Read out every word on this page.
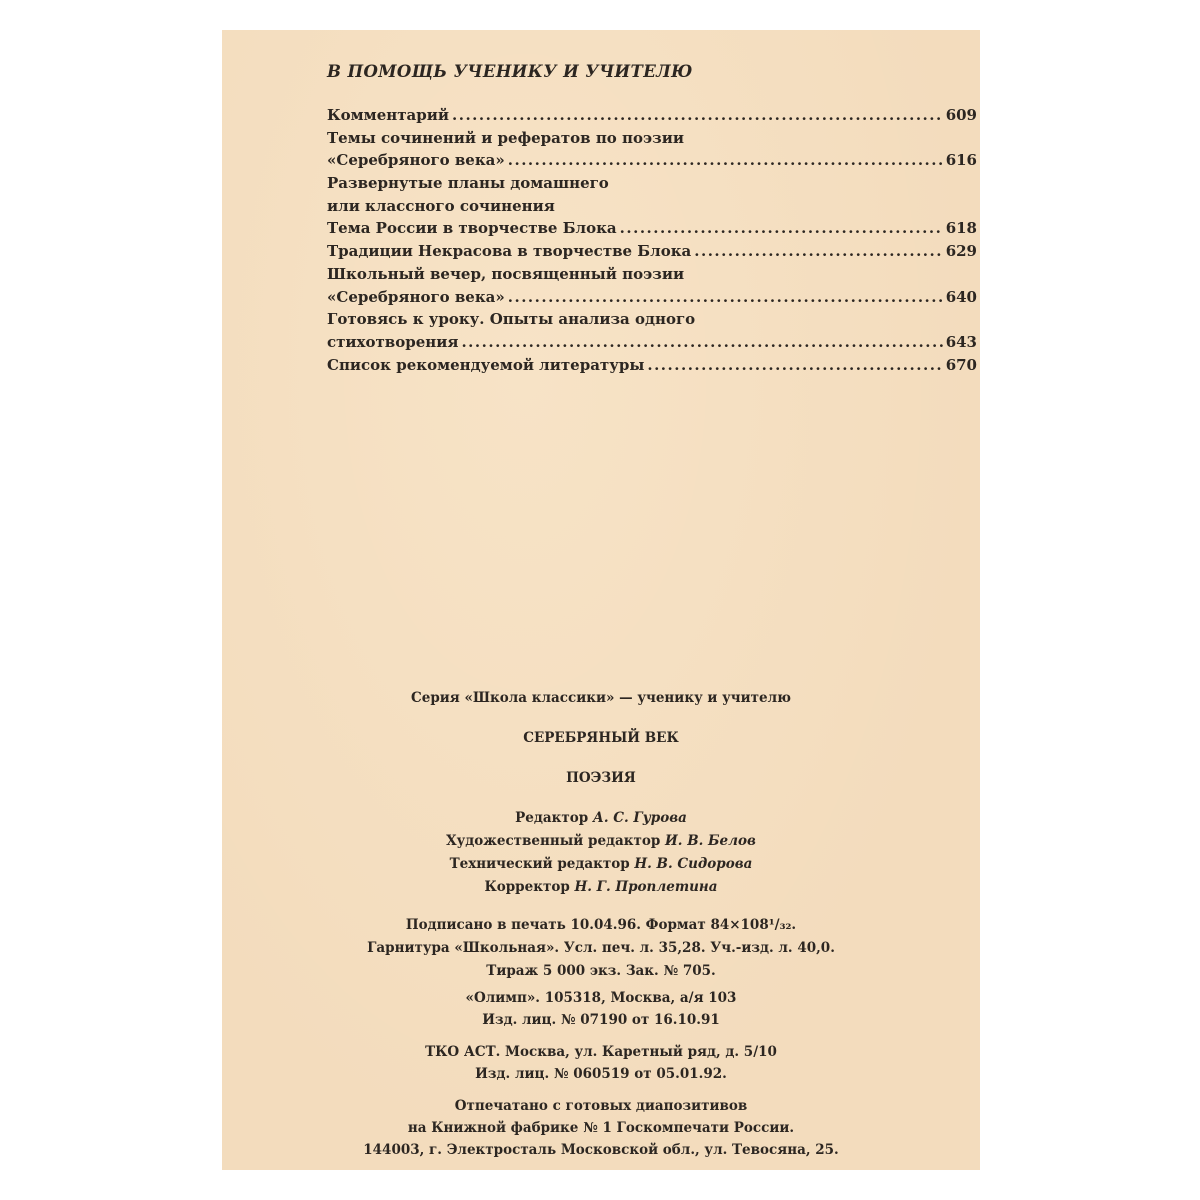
В ПОМОЩЬ УЧЕНИКУ И УЧИТЕЛЮ
Комментарий .....	609
Темы сочинений и рефератов по поэзии
«Серебряного века» .....	616
Развернутые планы домашнего
или классного сочинения
Тема России в творчестве Блока .....	618
Традиции Некрасова в творчестве Блока .....	629
Школьный вечер, посвященный поэзии
«Серебряного века» .....	640
Готовясь к уроку. Опыты анализа одного
стихотворения .....	643
Список рекомендуемой литературы .....	670

Серия «Школа классики» — ученику и учителю

СЕРЕБРЯНЫЙ ВЕК

ПОЭЗИЯ

Редактор А. С. Гурова

Художественный редактор И. В. Белов

Технический редактор Н. В. Сидорова

Корректор Н. Г. Проплетина

Подписано в печать 10.04.96. Формат 84×108¹/₃₂.

Гарнитура «Школьная». Усл. печ. л. 35,28. Уч.-изд. л. 40,0.

Тираж 5 000 экз. Зак. № 705.

«Олимп». 105318, Москва, а/я 103

Изд. лиц. № 07190 от 16.10.91

ТКО АСТ. Москва, ул. Каретный ряд, д. 5/10

Изд. лиц. № 060519 от 05.01.92.

Отпечатано с готовых диапозитивов

на Книжной фабрике № 1 Госкомпечати России.

144003, г. Электросталь Московской обл., ул. Тевосяна, 25.
